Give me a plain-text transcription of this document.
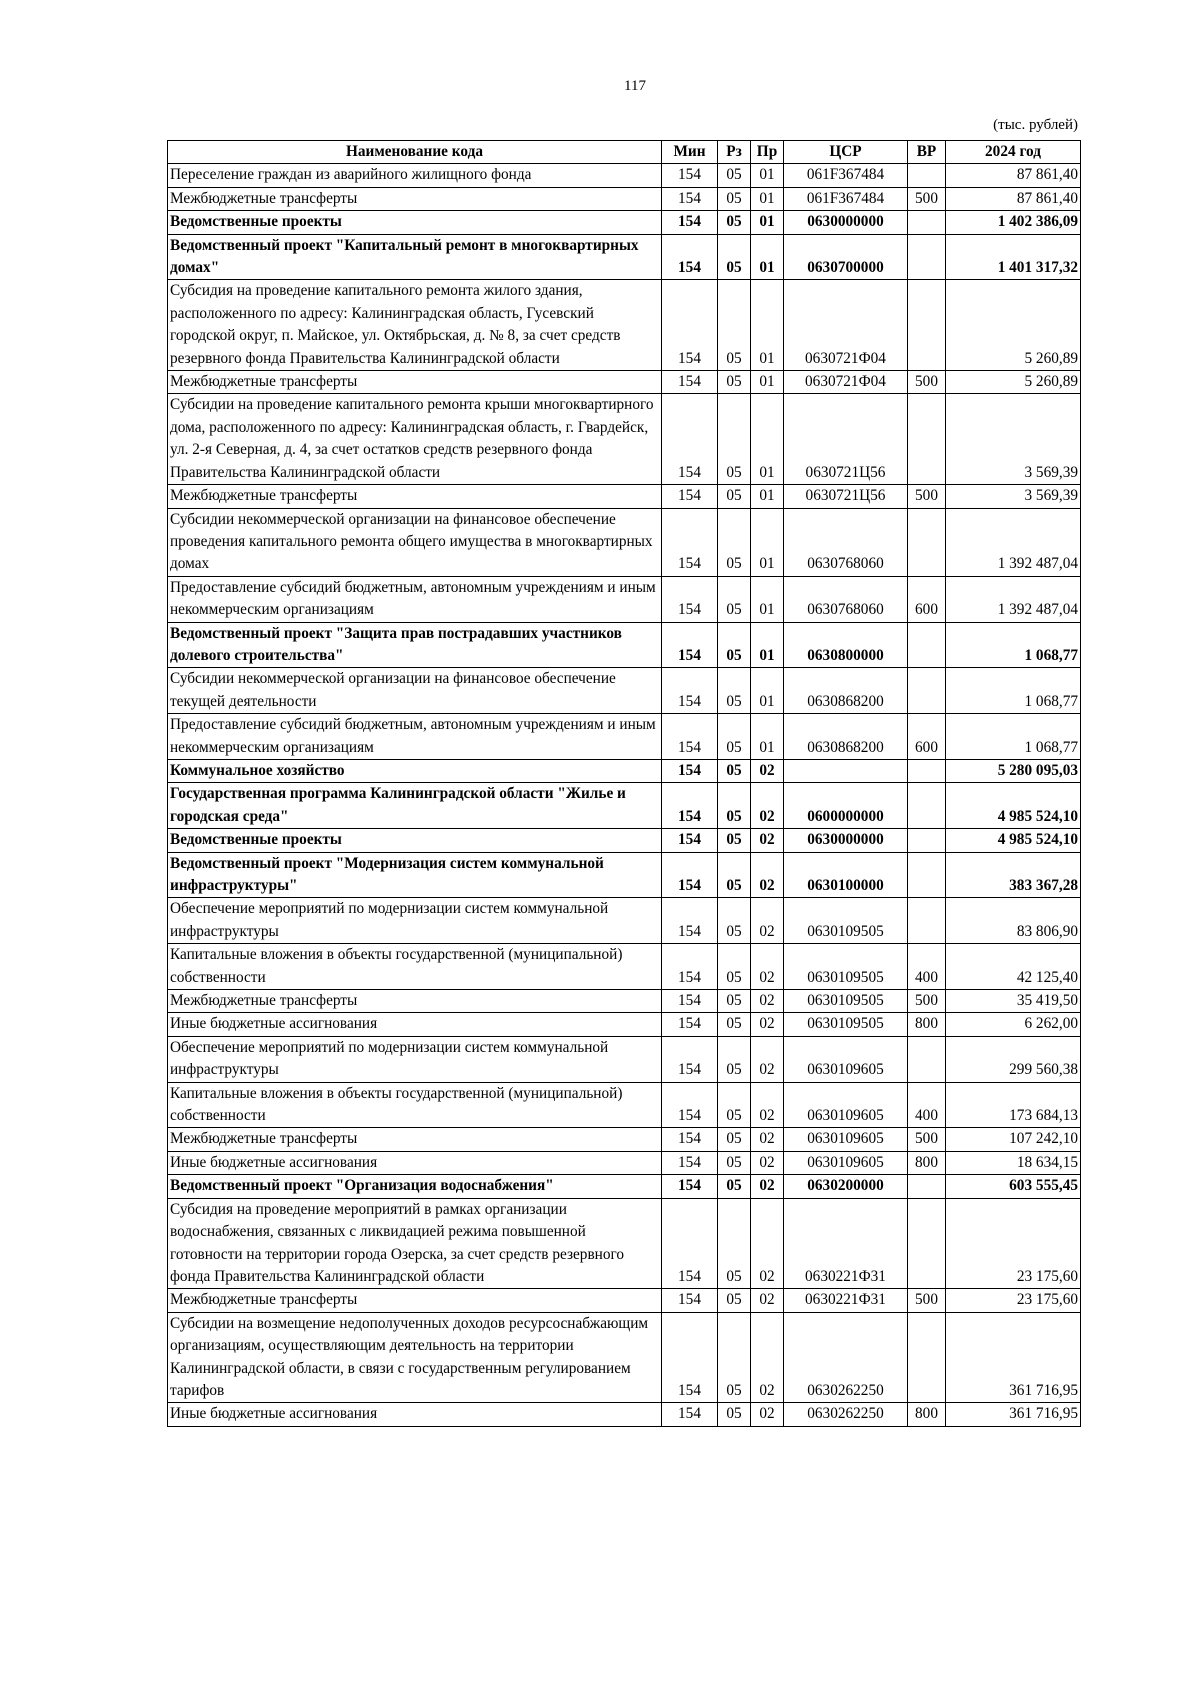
117
(тыс. рублей)
Наименование кода	Мин	Рз	Пр	ЦСР	ВР	2024 год
Переселение граждан из аварийного жилищного фонда	154	05	01	061F367484		87 861,40
Межбюджетные трансферты	154	05	01	061F367484	500	87 861,40
Ведомственные проекты	154	05	01	0630000000		1 402 386,09
Ведомственный проект "Капитальный ремонт в многоквартирных домах"	154	05	01	0630700000		1 401 317,32
Субсидия на проведение капитального ремонта жилого здания, расположенного по адресу: Калининградская область, Гусевский городской округ, п. Майское, ул. Октябрьская, д. № 8, за счет средств резервного фонда Правительства Калининградской области	154	05	01	0630721Ф04		5 260,89
Межбюджетные трансферты	154	05	01	0630721Ф04	500	5 260,89
Субсидии на проведение капитального ремонта крыши многоквартирного дома, расположенного по адресу: Калининградская область, г. Гвардейск, ул. 2-я Северная, д. 4, за счет остатков средств резервного фонда Правительства Калининградской области	154	05	01	0630721Ц56		3 569,39
Межбюджетные трансферты	154	05	01	0630721Ц56	500	3 569,39
Субсидии некоммерческой организации на финансовое обеспечение проведения капитального ремонта общего имущества в многоквартирных домах	154	05	01	0630768060		1 392 487,04
Предоставление субсидий бюджетным, автономным учреждениям и иным некоммерческим организациям	154	05	01	0630768060	600	1 392 487,04
Ведомственный проект "Защита прав пострадавших участников долевого строительства"	154	05	01	0630800000		1 068,77
Субсидии некоммерческой организации на финансовое обеспечение текущей деятельности	154	05	01	0630868200		1 068,77
Предоставление субсидий бюджетным, автономным учреждениям и иным некоммерческим организациям	154	05	01	0630868200	600	1 068,77
Коммунальное хозяйство	154	05	02			5 280 095,03
Государственная программа Калининградской области "Жилье и городская среда"	154	05	02	0600000000		4 985 524,10
Ведомственные проекты	154	05	02	0630000000		4 985 524,10
Ведомственный проект "Модернизация систем коммунальной инфраструктуры"	154	05	02	0630100000		383 367,28
Обеспечение мероприятий по модернизации систем коммунальной инфраструктуры	154	05	02	0630109505		83 806,90
Капитальные вложения в объекты государственной (муниципальной) собственности	154	05	02	0630109505	400	42 125,40
Межбюджетные трансферты	154	05	02	0630109505	500	35 419,50
Иные бюджетные ассигнования	154	05	02	0630109505	800	6 262,00
Обеспечение мероприятий по модернизации систем коммунальной инфраструктуры	154	05	02	0630109605		299 560,38
Капитальные вложения в объекты государственной (муниципальной) собственности	154	05	02	0630109605	400	173 684,13
Межбюджетные трансферты	154	05	02	0630109605	500	107 242,10
Иные бюджетные ассигнования	154	05	02	0630109605	800	18 634,15
Ведомственный проект "Организация водоснабжения"	154	05	02	0630200000		603 555,45
Субсидия на проведение мероприятий в рамках организации водоснабжения, связанных с ликвидацией режима повышенной готовности на территории города Озерска, за счет средств резервного фонда Правительства Калининградской области	154	05	02	0630221Ф31		23 175,60
Межбюджетные трансферты	154	05	02	0630221Ф31	500	23 175,60
Субсидии на возмещение недополученных доходов ресурсоснабжающим организациям, осуществляющим деятельность на территории Калининградской области, в связи с государственным регулированием тарифов	154	05	02	0630262250		361 716,95
Иные бюджетные ассигнования	154	05	02	0630262250	800	361 716,95
